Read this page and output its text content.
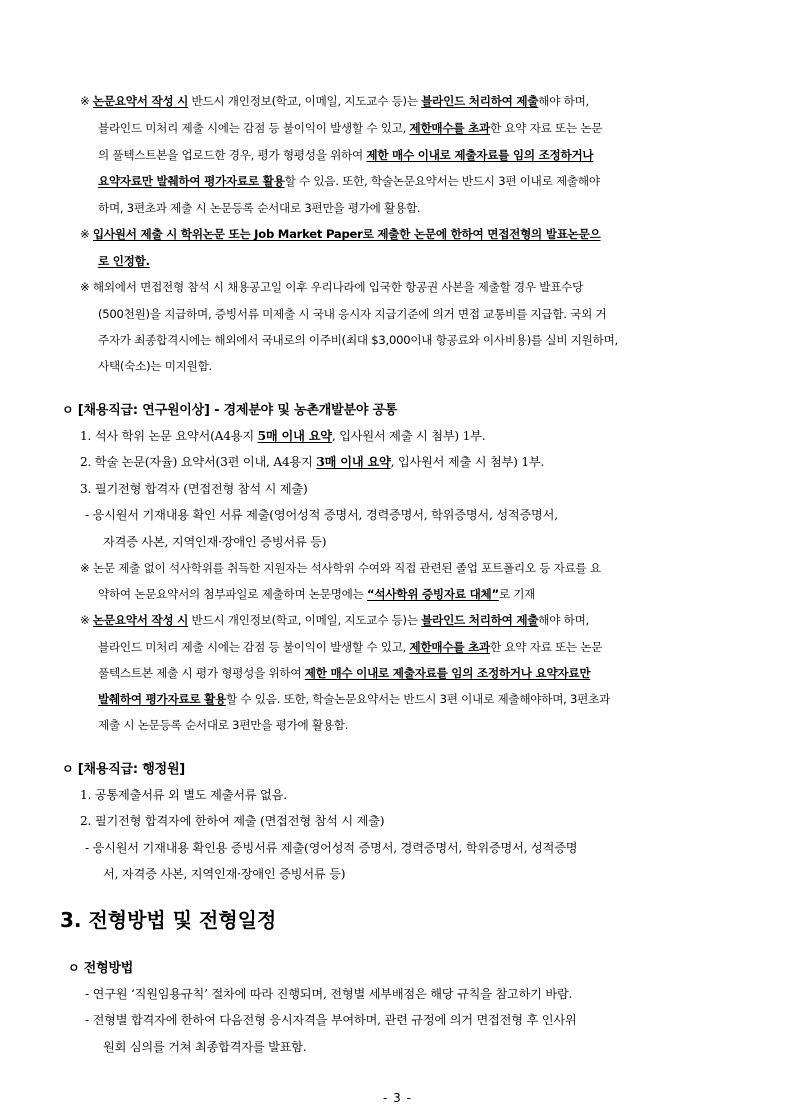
※ 논문요약서 작성 시 반드시 개인정보(학교, 이메일, 지도교수 등)는 블라인드 처리하여 제출해야 하며,
블라인드 미처리 제출 시에는 감점 등 불이익이 발생할 수 있고, 제한매수를 초과한 요약 자료 또는 논문
의 풀텍스트본을 업로드한 경우, 평가 형평성을 위하여 제한 매수 이내로 제출자료를 임의 조정하거나
요약자료만 발췌하여 평가자료로 활용할 수 있음. 또한, 학술논문요약서는 반드시 3편 이내로 제출해야
하며, 3편초과 제출 시 논문등록 순서대로 3편만을 평가에 활용함.
※ 입사원서 제출 시 학위논문 또는 Job Market Paper로 제출한 논문에 한하여 면접전형의 발표논문으
로 인정함.
※ 해외에서 면접전형 참석 시 채용공고일 이후 우리나라에 입국한 항공권 사본을 제출할 경우 발표수당
(500천원)을 지급하며, 증빙서류 미제출 시 국내 응시자 지급기준에 의거 면접 교통비를 지급함. 국외 거
주자가 최종합격시에는 해외에서 국내로의 이주비(최대 $3,000이내 항공료와 이사비용)를 실비 지원하며,
사택(숙소)는 미지원함.
ㅇ [채용직급: 연구원이상] - 경제분야 및 농촌개발분야 공통
1. 석사 학위 논문 요약서(A4용지 5매 이내 요약, 입사원서 제출 시 첨부) 1부.
2. 학술 논문(자율) 요약서(3편 이내, A4용지 3매 이내 요약, 입사원서 제출 시 첨부) 1부.
3. 필기전형 합격자 (면접전형 참석 시 제출)
- 응시원서 기재내용 확인 서류 제출(영어성적 증명서, 경력증명서, 학위증명서, 성적증명서,
자격증 사본, 지역인재·장애인 증빙서류 등)
※ 논문 제출 없이 석사학위를 취득한 지원자는 석사학위 수여와 직접 관련된 졸업 포트폴리오 등 자료를 요
약하여 논문요약서의 첨부파일로 제출하며 논문명에는 “석사학위 증빙자료 대체”로 기재
※ 논문요약서 작성 시 반드시 개인정보(학교, 이메일, 지도교수 등)는 블라인드 처리하여 제출해야 하며,
블라인드 미처리 제출 시에는 감점 등 불이익이 발생할 수 있고, 제한매수를 초과한 요약 자료 또는 논문
풀텍스트본 제출 시 평가 형평성을 위하여 제한 매수 이내로 제출자료를 임의 조정하거나 요약자료만
발췌하여 평가자료로 활용할 수 있음. 또한, 학술논문요약서는 반드시 3편 이내로 제출해야하며, 3편초과
제출 시 논문등록 순서대로 3편만을 평가에 활용함.
ㅇ [채용직급: 행정원]
1. 공통제출서류 외 별도 제출서류 없음.
2. 필기전형 합격자에 한하여 제출 (면접전형 참석 시 제출)
- 응시원서 기재내용 확인용 증빙서류 제출(영어성적 증명서, 경력증명서, 학위증명서, 성적증명
서, 자격증 사본, 지역인재·장애인 증빙서류 등)
3. 전형방법 및 전형일정
ㅇ 전형방법
- 연구원 ‘직원임용규칙’ 절차에 따라 진행되며, 전형별 세부배점은 해당 규칙을 참고하기 바람.
- 전형별 합격자에 한하여 다음전형 응시자격을 부여하며, 관련 규정에 의거 면접전형 후 인사위
원회 심의를 거쳐 최종합격자를 발표함.
- 3 -
